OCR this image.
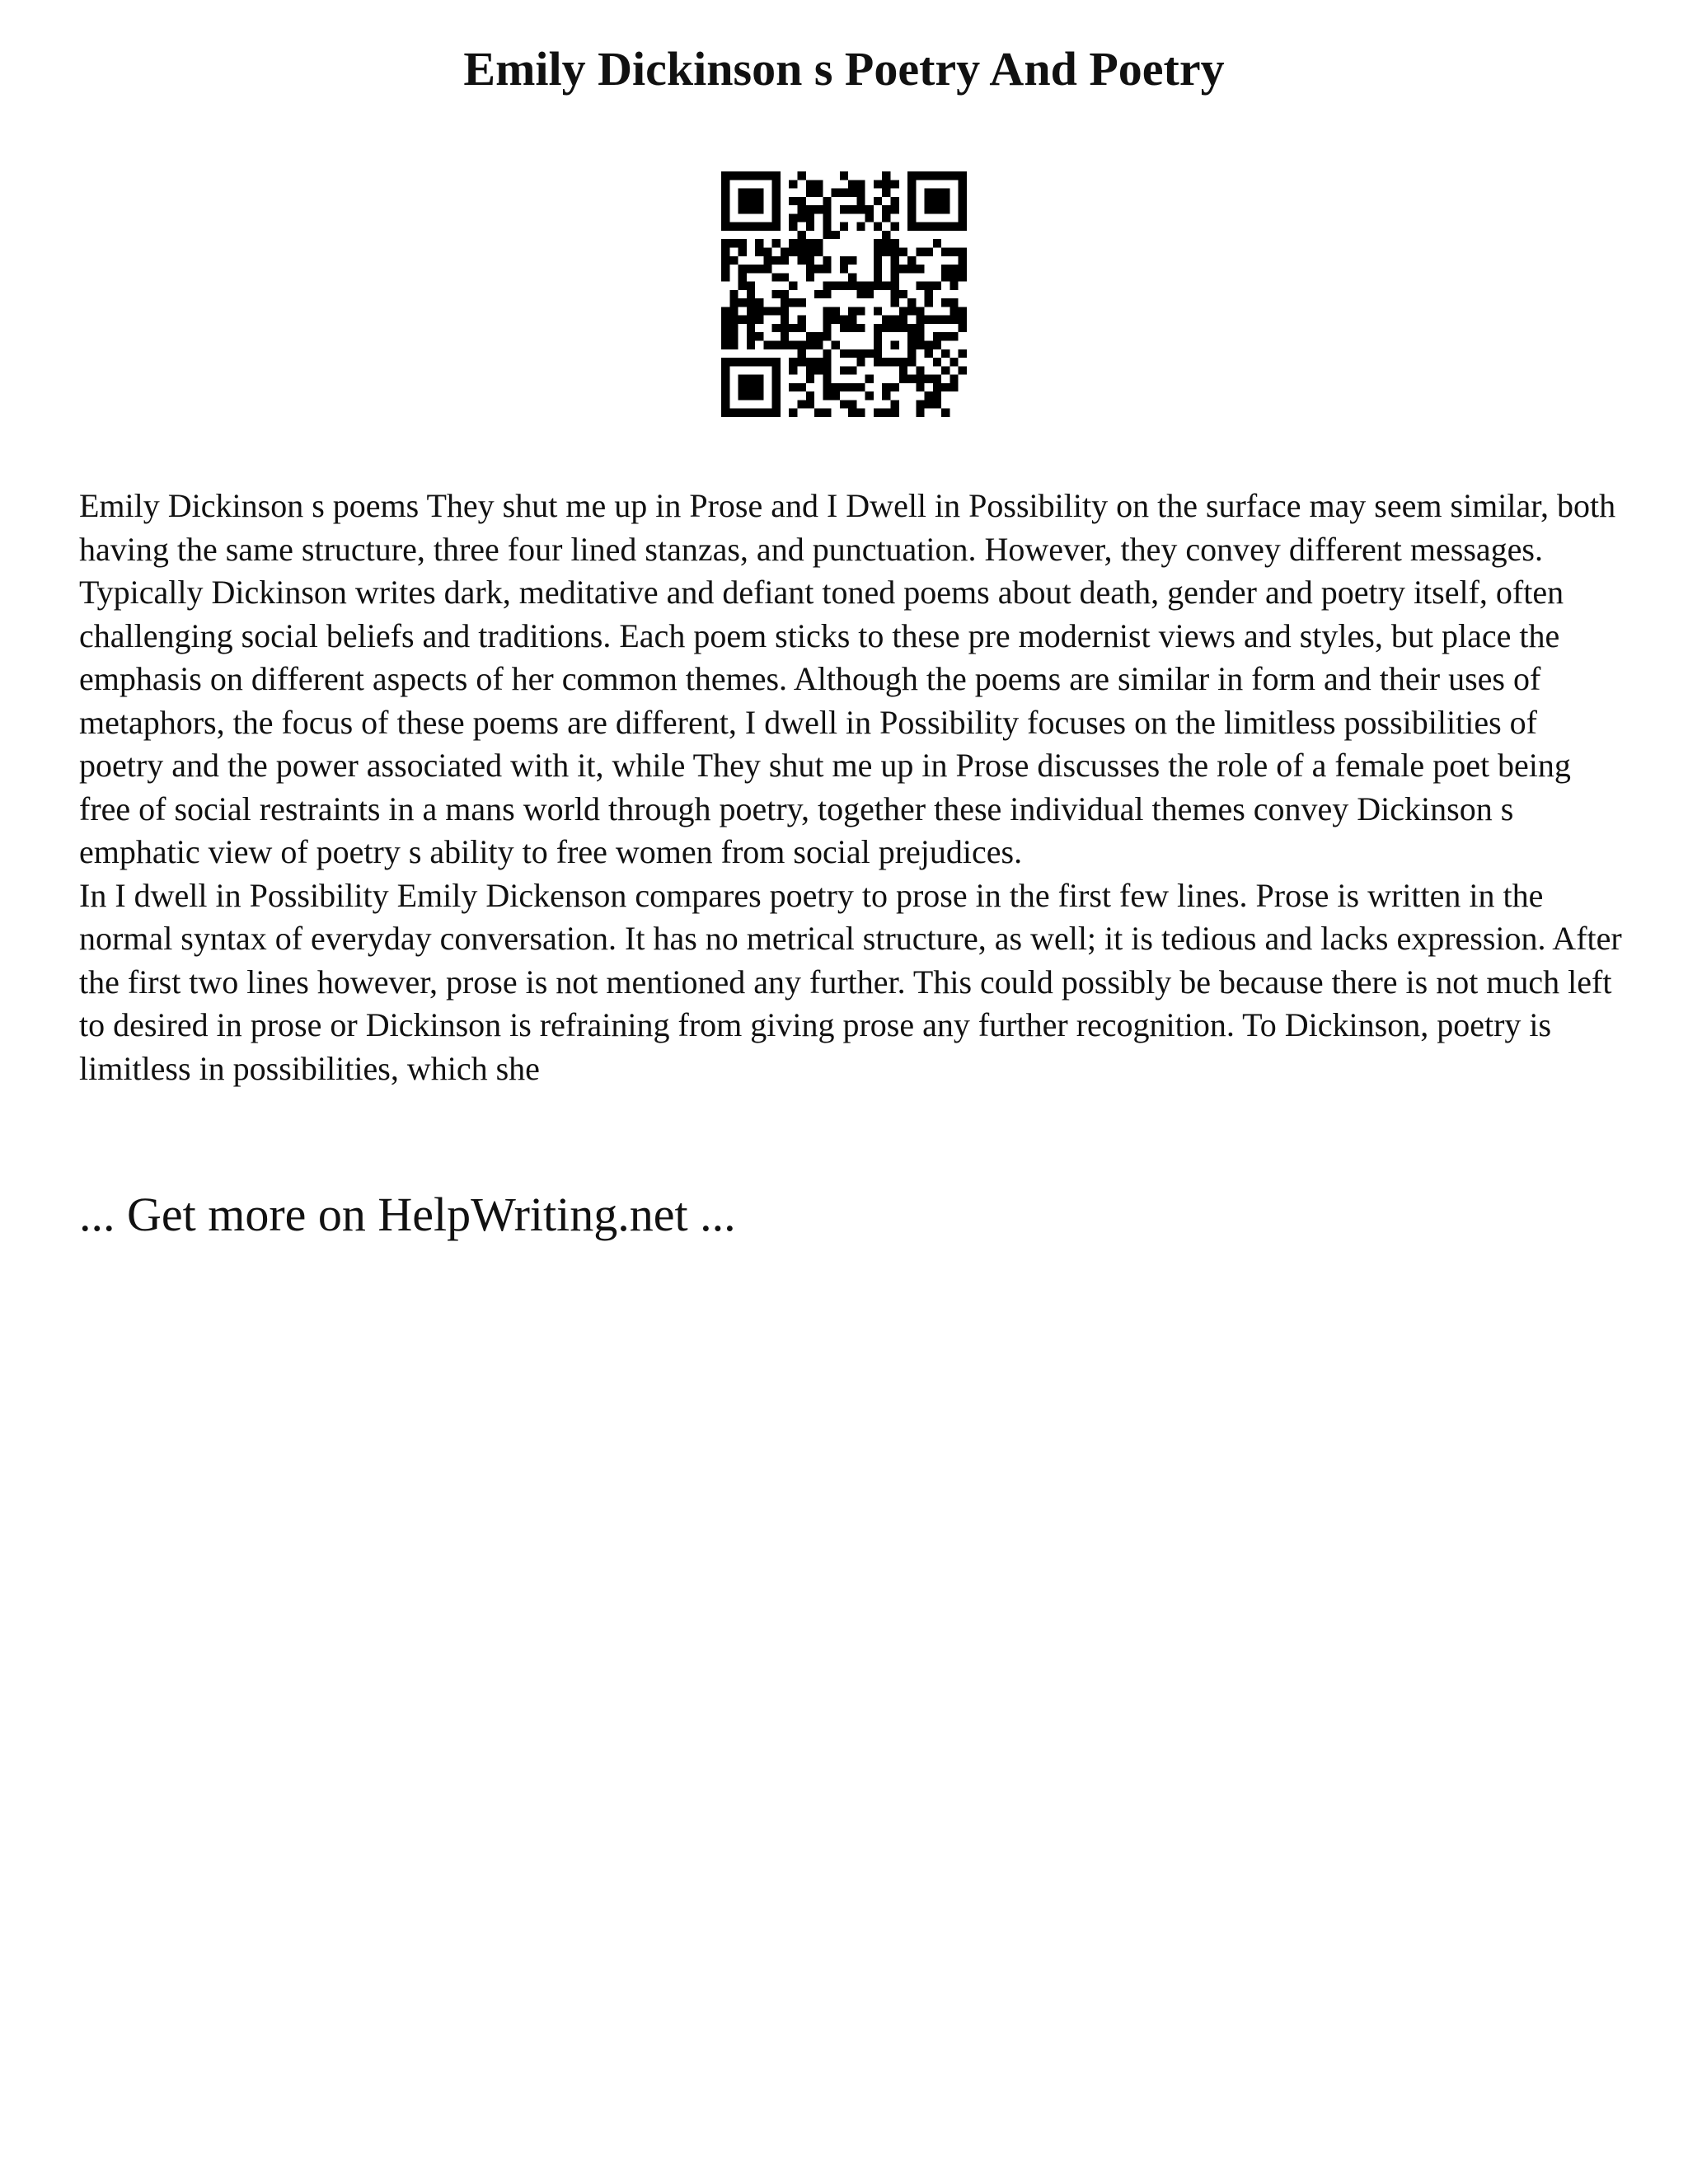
Emily Dickinson s Poetry And Poetry

Emily Dickinson s poems They shut me up in Prose and I Dwell in Possibility on the surface may seem similar, both having the same structure, three four lined stanzas, and punctuation. However, they convey different messages. Typically Dickinson writes dark, meditative and defiant toned poems about death, gender and poetry itself, often challenging social beliefs and traditions. Each poem sticks to these pre modernist views and styles, but place the emphasis on different aspects of her common themes. Although the poems are similar in form and their uses of metaphors, the focus of these poems are different, I dwell in Possibility focuses on the limitless possibilities of poetry and the power associated with it, while They shut me up in Prose discusses the role of a female poet being free of social restraints in a mans world through poetry, together these individual themes convey Dickinson s emphatic view of poetry s ability to free women from social prejudices.

In I dwell in Possibility Emily Dickenson compares poetry to prose in the first few lines. Prose is written in the normal syntax of everyday conversation. It has no metrical structure, as well; it is tedious and lacks expression. After the first two lines however, prose is not mentioned any further. This could possibly be because there is not much left to desired in prose or Dickinson is refraining from giving prose any further recognition. To Dickinson, poetry is limitless in possibilities, which she

... Get more on HelpWriting.net ...
